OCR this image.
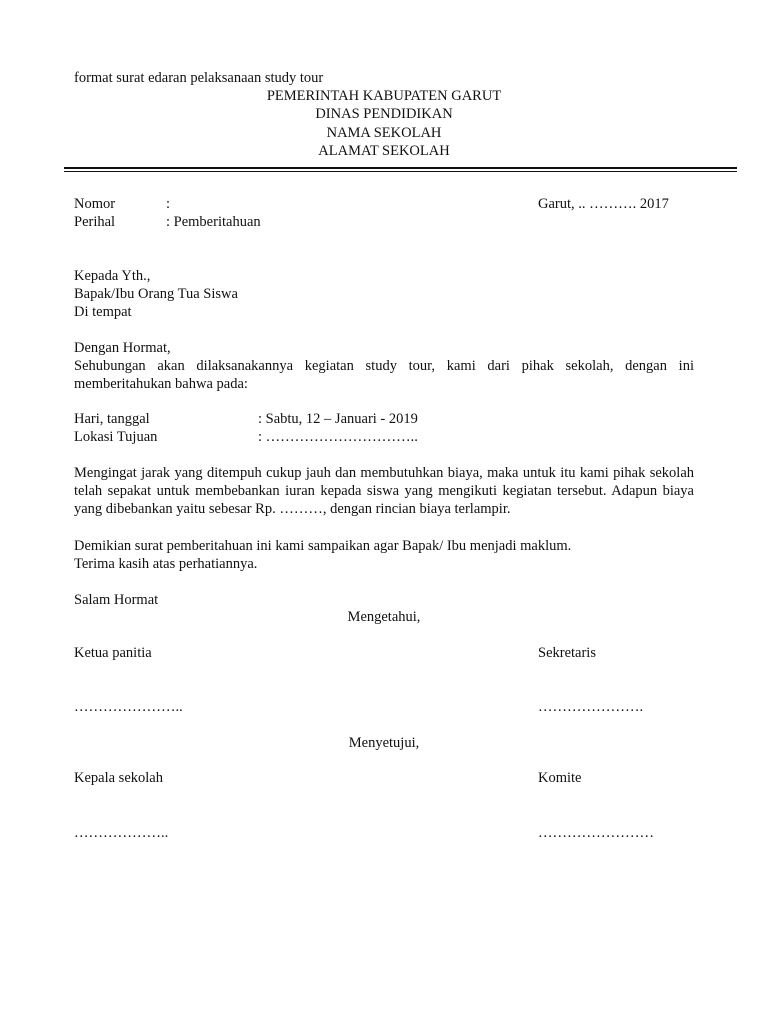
format surat edaran pelaksanaan study tour
PEMERINTAH KABUPATEN GARUT
DINAS PENDIDIKAN
NAMA SEKOLAH
ALAMAT SEKOLAH
Nomor	:	Garut, .. ………. 2017
Perihal	: Pemberitahuan
Kepada Yth.,
Bapak/Ibu Orang Tua Siswa
Di tempat
Dengan Hormat,
Sehubungan akan dilaksanakannya kegiatan study tour, kami dari pihak sekolah, dengan ini memberitahukan bahwa pada:
Hari, tanggal	: Sabtu, 12 – Januari - 2019
Lokasi Tujuan	: …………………………..
Mengingat jarak yang ditempuh cukup jauh dan membutuhkan biaya, maka untuk itu kami pihak sekolah telah sepakat untuk membebankan iuran kepada siswa yang mengikuti kegiatan tersebut. Adapun biaya yang dibebankan yaitu sebesar Rp. ………, dengan rincian biaya terlampir.
Demikian surat pemberitahuan ini kami sampaikan agar Bapak/ Ibu menjadi maklum.
Terima kasih atas perhatiannya.
Salam Hormat
Mengetahui,
Ketua panitia	Sekretaris
…………………..	………………….
Menyetujui,
Kepala sekolah	Komite
………………..	……………………
